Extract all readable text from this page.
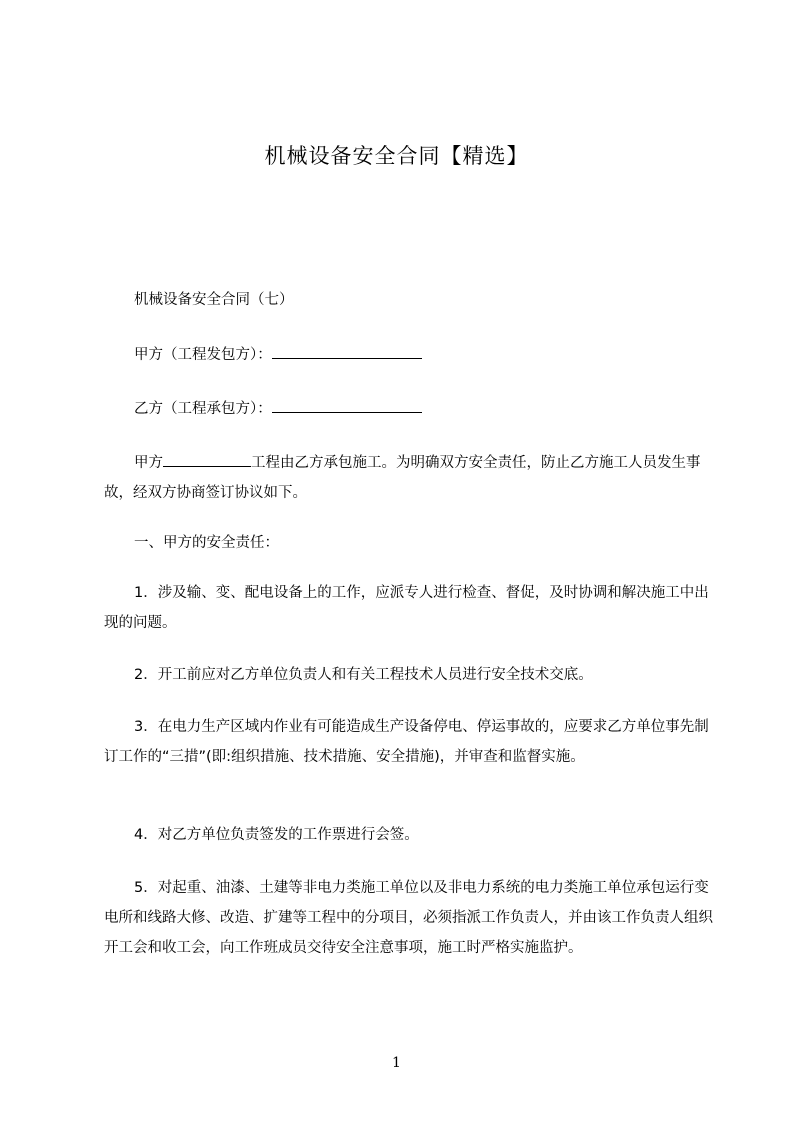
机械设备安全合同【精选】

机械设备安全合同（七）

甲方（工程发包方）：

乙方（工程承包方）：

甲方	工程由乙方承包施工。为明确双方安全责任，防止乙方施工人员发生事故，经双方协商签订协议如下。

一、甲方的安全责任：

1．涉及输、变、配电设备上的工作，应派专人进行检查、督促，及时协调和解决施工中出现的问题。

2．开工前应对乙方单位负责人和有关工程技术人员进行安全技术交底。

3．在电力生产区域内作业有可能造成生产设备停电、停运事故的，应要求乙方单位事先制订工作的“三措”(即:组织措施、技术措施、安全措施)，并审查和监督实施。

4．对乙方单位负责签发的工作票进行会签。

5．对起重、油漆、土建等非电力类施工单位以及非电力系统的电力类施工单位承包运行变电所和线路大修、改造、扩建等工程中的分项目，必须指派工作负责人，并由该工作负责人组织开工会和收工会，向工作班成员交待安全注意事项，施工时严格实施监护。

1
